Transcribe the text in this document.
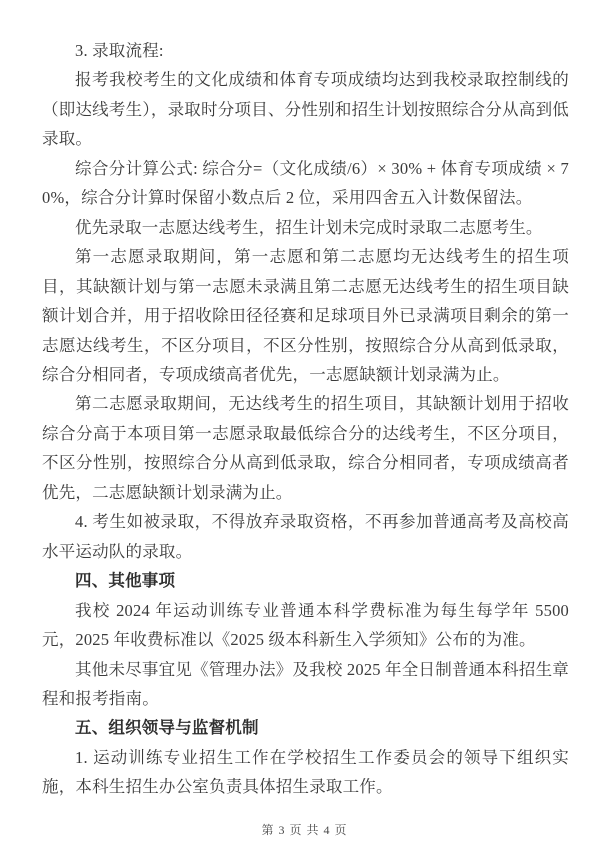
3. 录取流程:

报考我校考生的文化成绩和体育专项成绩均达到我校录取控制线的（即达线考生），录取时分项目、分性别和招生计划按照综合分从高到低录取。

综合分计算公式: 综合分=（文化成绩/6）× 30% + 体育专项成绩 × 70%，综合分计算时保留小数点后 2 位，采用四舍五入计数保留法。

优先录取一志愿达线考生，招生计划未完成时录取二志愿考生。

第一志愿录取期间，第一志愿和第二志愿均无达线考生的招生项目，其缺额计划与第一志愿未录满且第二志愿无达线考生的招生项目缺额计划合并，用于招收除田径径赛和足球项目外已录满项目剩余的第一志愿达线考生，不区分项目，不区分性别，按照综合分从高到低录取，综合分相同者，专项成绩高者优先，一志愿缺额计划录满为止。

第二志愿录取期间，无达线考生的招生项目，其缺额计划用于招收综合分高于本项目第一志愿录取最低综合分的达线考生，不区分项目，不区分性别，按照综合分从高到低录取，综合分相同者，专项成绩高者优先，二志愿缺额计划录满为止。

4. 考生如被录取，不得放弃录取资格，不再参加普通高考及高校高水平运动队的录取。

四、其他事项

我校 2024 年运动训练专业普通本科学费标准为每生每学年 5500 元，2025 年收费标准以《2025 级本科新生入学须知》公布的为准。

其他未尽事宜见《管理办法》及我校 2025 年全日制普通本科招生章程和报考指南。

五、组织领导与监督机制

1. 运动训练专业招生工作在学校招生工作委员会的领导下组织实施，本科生招生办公室负责具体招生录取工作。

第 3 页 共 4 页
